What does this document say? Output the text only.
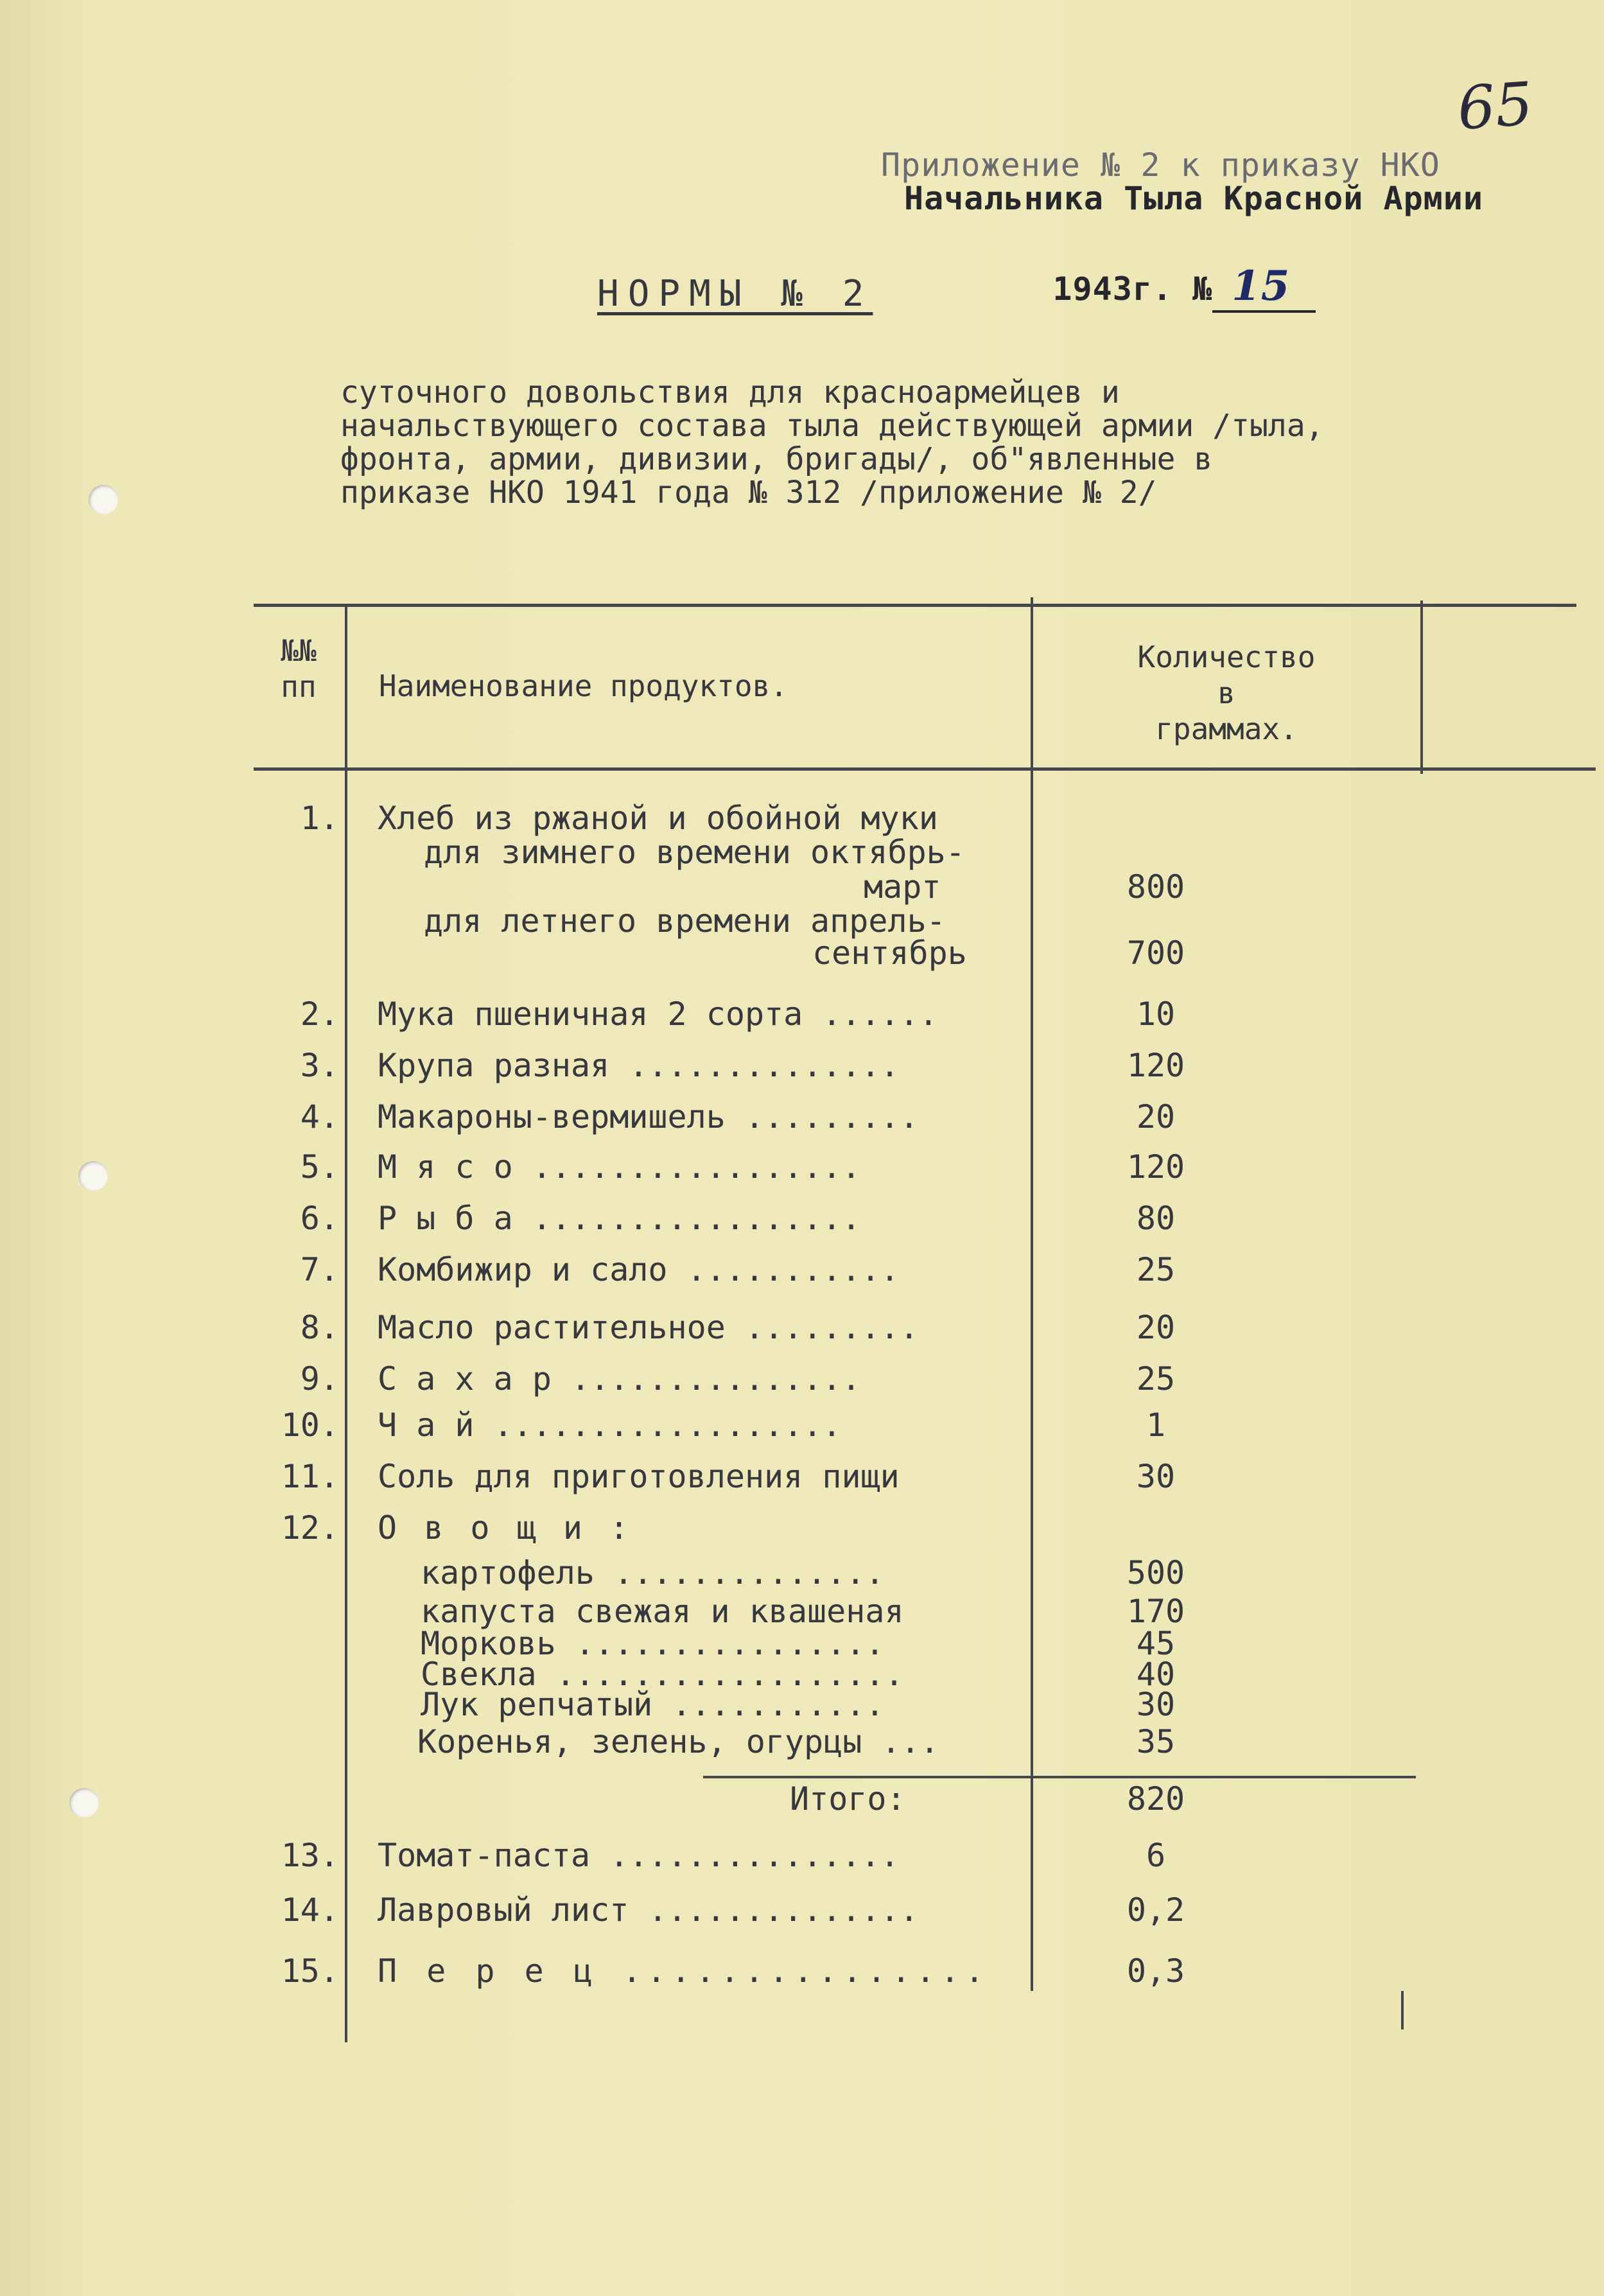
65
Приложение № 2 к приказу НКО
Начальника Тыла Красной Армии

1943г. № 15

НОРМЫ № 2
суточного довольствия для красноармейцев и
начальствующего состава тыла действующей армии /тыла,
фронта, армии, дивизии, бригады/, об"явленные в
приказе НКО 1941 года № 312 /приложение № 2/
№№
пп	Наименование продуктов.
Количество
в
граммах.
1. Хлеб из ржаной и обойной муки
для зимнего времени октябрь-
март	800
для летнего времени апрель-
сентябрь	700
2. Мука пшеничная 2 сорта ......	10
3. Крупа разная ..............	120
4. Макароны-вермишель .........	20
5. М я с о .................	120
6. Р ы б а .................	80
7. Комбижир и сало ...........	25
8. Масло растительное .........	20
9. С а х а р ...............	25
10. Ч а й ..................	1
11. Соль для приготовления пищи	30
12. О в о щ и :
картофель ..............	500
капуста свежая и квашеная	170
Морковь ................	45
Свекла ..................	40
Лук репчатый ...........	30
Коренья, зелень, огурцы ...	35
Итого:	820
13. Томат-паста ...............	6
14. Лавровый лист ..............	0,2
15. П е р е ц ...............	0,3
